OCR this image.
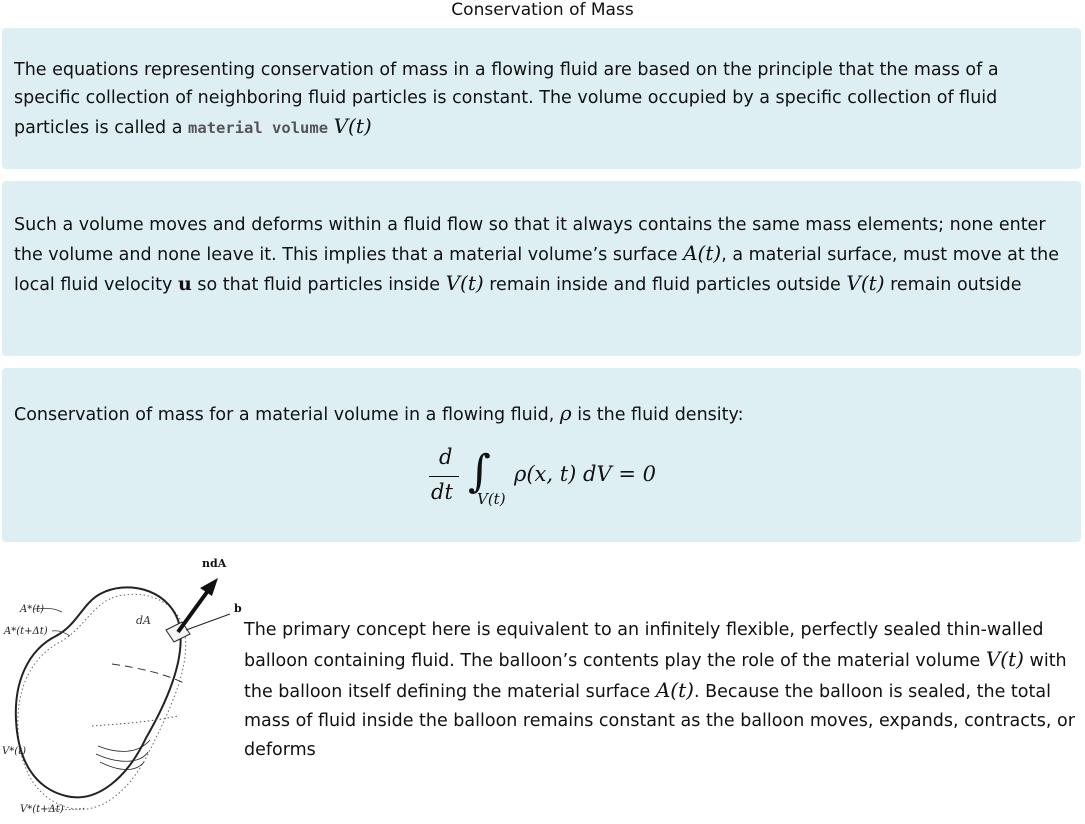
Conservation of Mass
The equations representing conservation of mass in a flowing fluid are based on the principle that the mass of a specific collection of neighboring fluid particles is constant. The volume occupied by a specific collection of fluid particles is called a material volume V(t)
Such a volume moves and deforms within a fluid flow so that it always contains the same mass elements; none enter the volume and none leave it. This implies that a material volume’s surface A(t), a material surface, must move at the local fluid velocity u so that fluid particles inside V(t) remain inside and fluid particles outside V(t) remain outside
Conservation of mass for a material volume in a flowing fluid, ρ is the fluid density:
d
dt ∫
V(t)
ρ(x, t) dV = 0
ndA
b
dA
A*(t)
A*(t+Δt)
V*(t)
V*(t+Δt)
The primary concept here is equivalent to an infinitely flexible, perfectly sealed thin-walled balloon containing fluid. The balloon’s contents play the role of the material volume V(t) with the balloon itself defining the material surface A(t). Because the balloon is sealed, the total mass of fluid inside the balloon remains constant as the balloon moves, expands, contracts, or deforms
